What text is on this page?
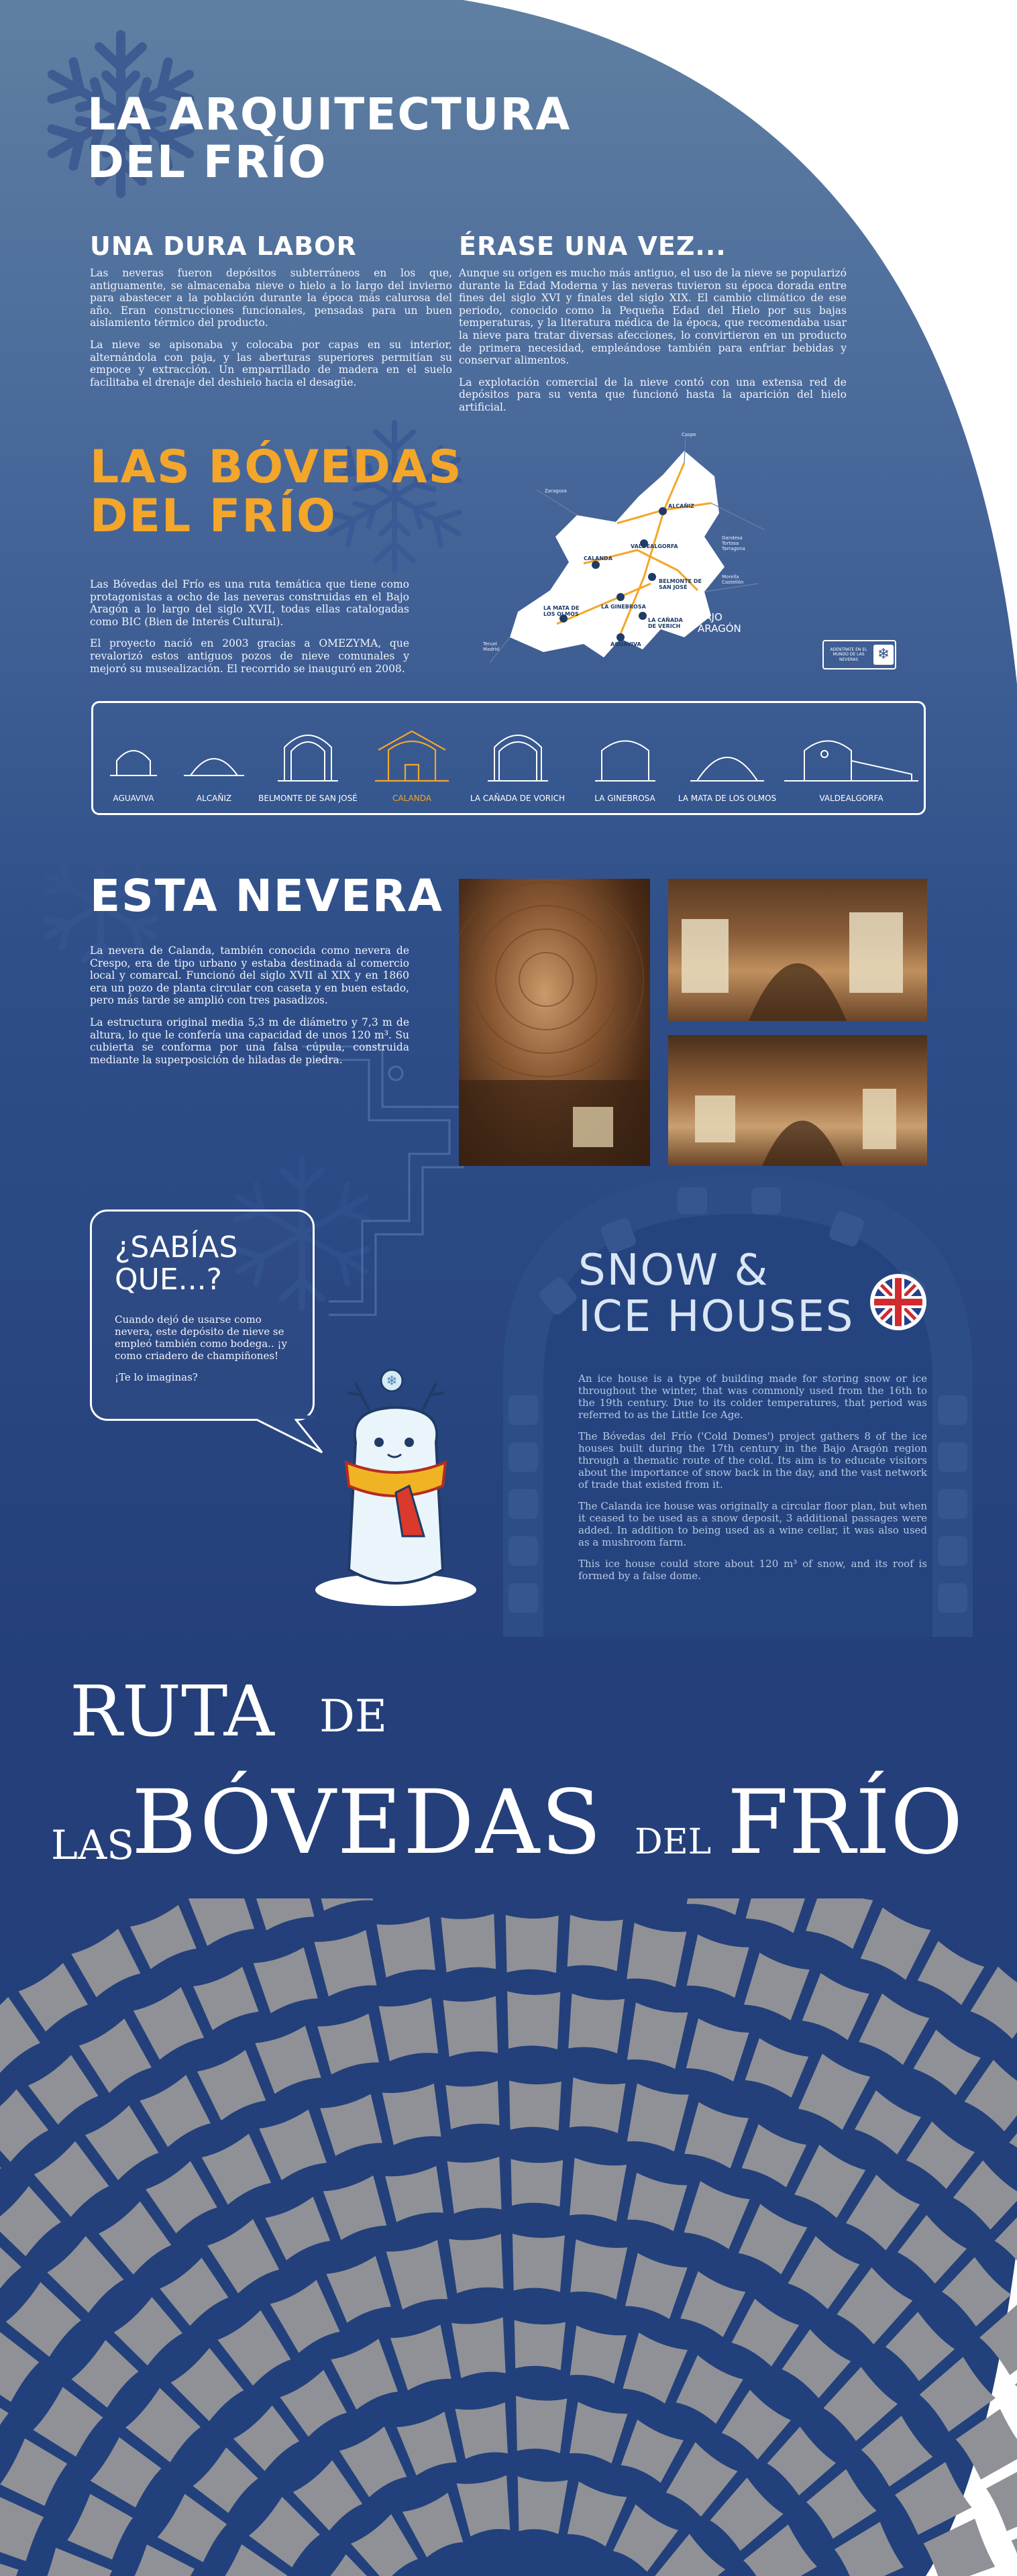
LA ARQUITECTURA
DEL FRÍO
UNA DURA LABOR

Las neveras fueron depósitos subterráneos en los que, antiguamente, se almacenaba nieve o hielo a lo largo del invierno para abastecer a la población durante la época más calurosa del año. Eran construcciones funcionales, pensadas para un buen aislamiento térmico del producto.

La nieve se apisonaba y colocaba por capas en su interior, alternándola con paja, y las aberturas superiores permitían su empoce y extracción. Un emparrillado de madera en el suelo facilitaba el drenaje del deshielo hacia el desagüe.

ÉRASE UNA VEZ...

Aunque su origen es mucho más antiguo, el uso de la nieve se popularizó durante la Edad Moderna y las neveras tuvieron su época dorada entre fines del siglo XVI y finales del siglo XIX. El cambio climático de ese periodo, conocido como la Pequeña Edad del Hielo por sus bajas temperaturas, y la literatura médica de la época, que recomendaba usar la nieve para tratar diversas afecciones, lo convirtieron en un producto de primera necesidad, empleándose también para enfriar bebidas y conservar alimentos.

La explotación comercial de la nieve contó con una extensa red de depósitos para su venta que funcionó hasta la aparición del hielo artificial.

LAS BÓVEDAS
DEL FRÍO

Las Bóvedas del Frío es una ruta temática que tiene como protagonistas a ocho de las neveras construidas en el Bajo Aragón a lo largo del siglo XVII, todas ellas catalogadas como BIC (Bien de Interés Cultural).

El proyecto nació en 2003 gracias a OMEZYMA, que revalorizó estos antiguos pozos de nieve comunales y mejoró su musealización. El recorrido se inauguró en 2008.

ALCAÑIZ
VALDEALGORFA
CALANDA
BELMONTE DE SAN JOSÉ
LA GINEBROSA
LA MATA DE LOS OLMOS
LA CAÑADA DE VERICH
AGUAVIVA
Caspe
Zaragoza
Gandesa Tortosa Tarragona
Morella Castellón
Teruel Madrid
BAJO
ARAGÓN
ADENTRATE EN EL MUNDO DE LAS NEVERAS	❄
AGUAVIVA	ALCAÑIZ	BELMONTE DE SAN JOSÉ	CALANDA	LA CAÑADA DE VORICH	LA GINEBROSA	LA MATA DE LOS OLMOS	VALDEALGORFA
ESTA NEVERA

La nevera de Calanda, también conocida como nevera de Crespo, era de tipo urbano y estaba destinada al comercio local y comarcal. Funcionó del siglo XVII al XIX y en 1860 era un pozo de planta circular con caseta y en buen estado, pero más tarde se amplió con tres pasadizos.

La estructura original media 5,3 m de diámetro y 7,3 m de altura, lo que le confería una capacidad de unos 120 m³. Su cubierta se conforma por una falsa cúpula, construida mediante la superposición de hiladas de piedra.

SNOW &
ICE HOUSES

An ice house is a type of building made for storing snow or ice throughout the winter, that was commonly used from the 16th to the 19th century. Due to its colder temperatures, that period was referred to as the Little Ice Age.

The Bóvedas del Frío ('Cold Domes') project gathers 8 of the ice houses built during the 17th century in the Bajo Aragón region through a thematic route of the cold. Its aim is to educate visitors about the importance of snow back in the day, and the vast network of trade that existed from it.

The Calanda ice house was originally a circular floor plan, but when it ceased to be used as a snow deposit, 3 additional passages were added. In addition to being used as a wine cellar, it was also used as a mushroom farm.

This ice house could store about 120 m³ of snow, and its roof is formed by a false dome.

¿SABÍAS
QUE...?

Cuando dejó de usarse como nevera, este depósito de nieve se empleó también como bodega.. ¡y como criadero de champiñones!

¡Te lo imaginas?	❄
RUTA DE
LAS
BÓVEDAS DEL FRÍO
